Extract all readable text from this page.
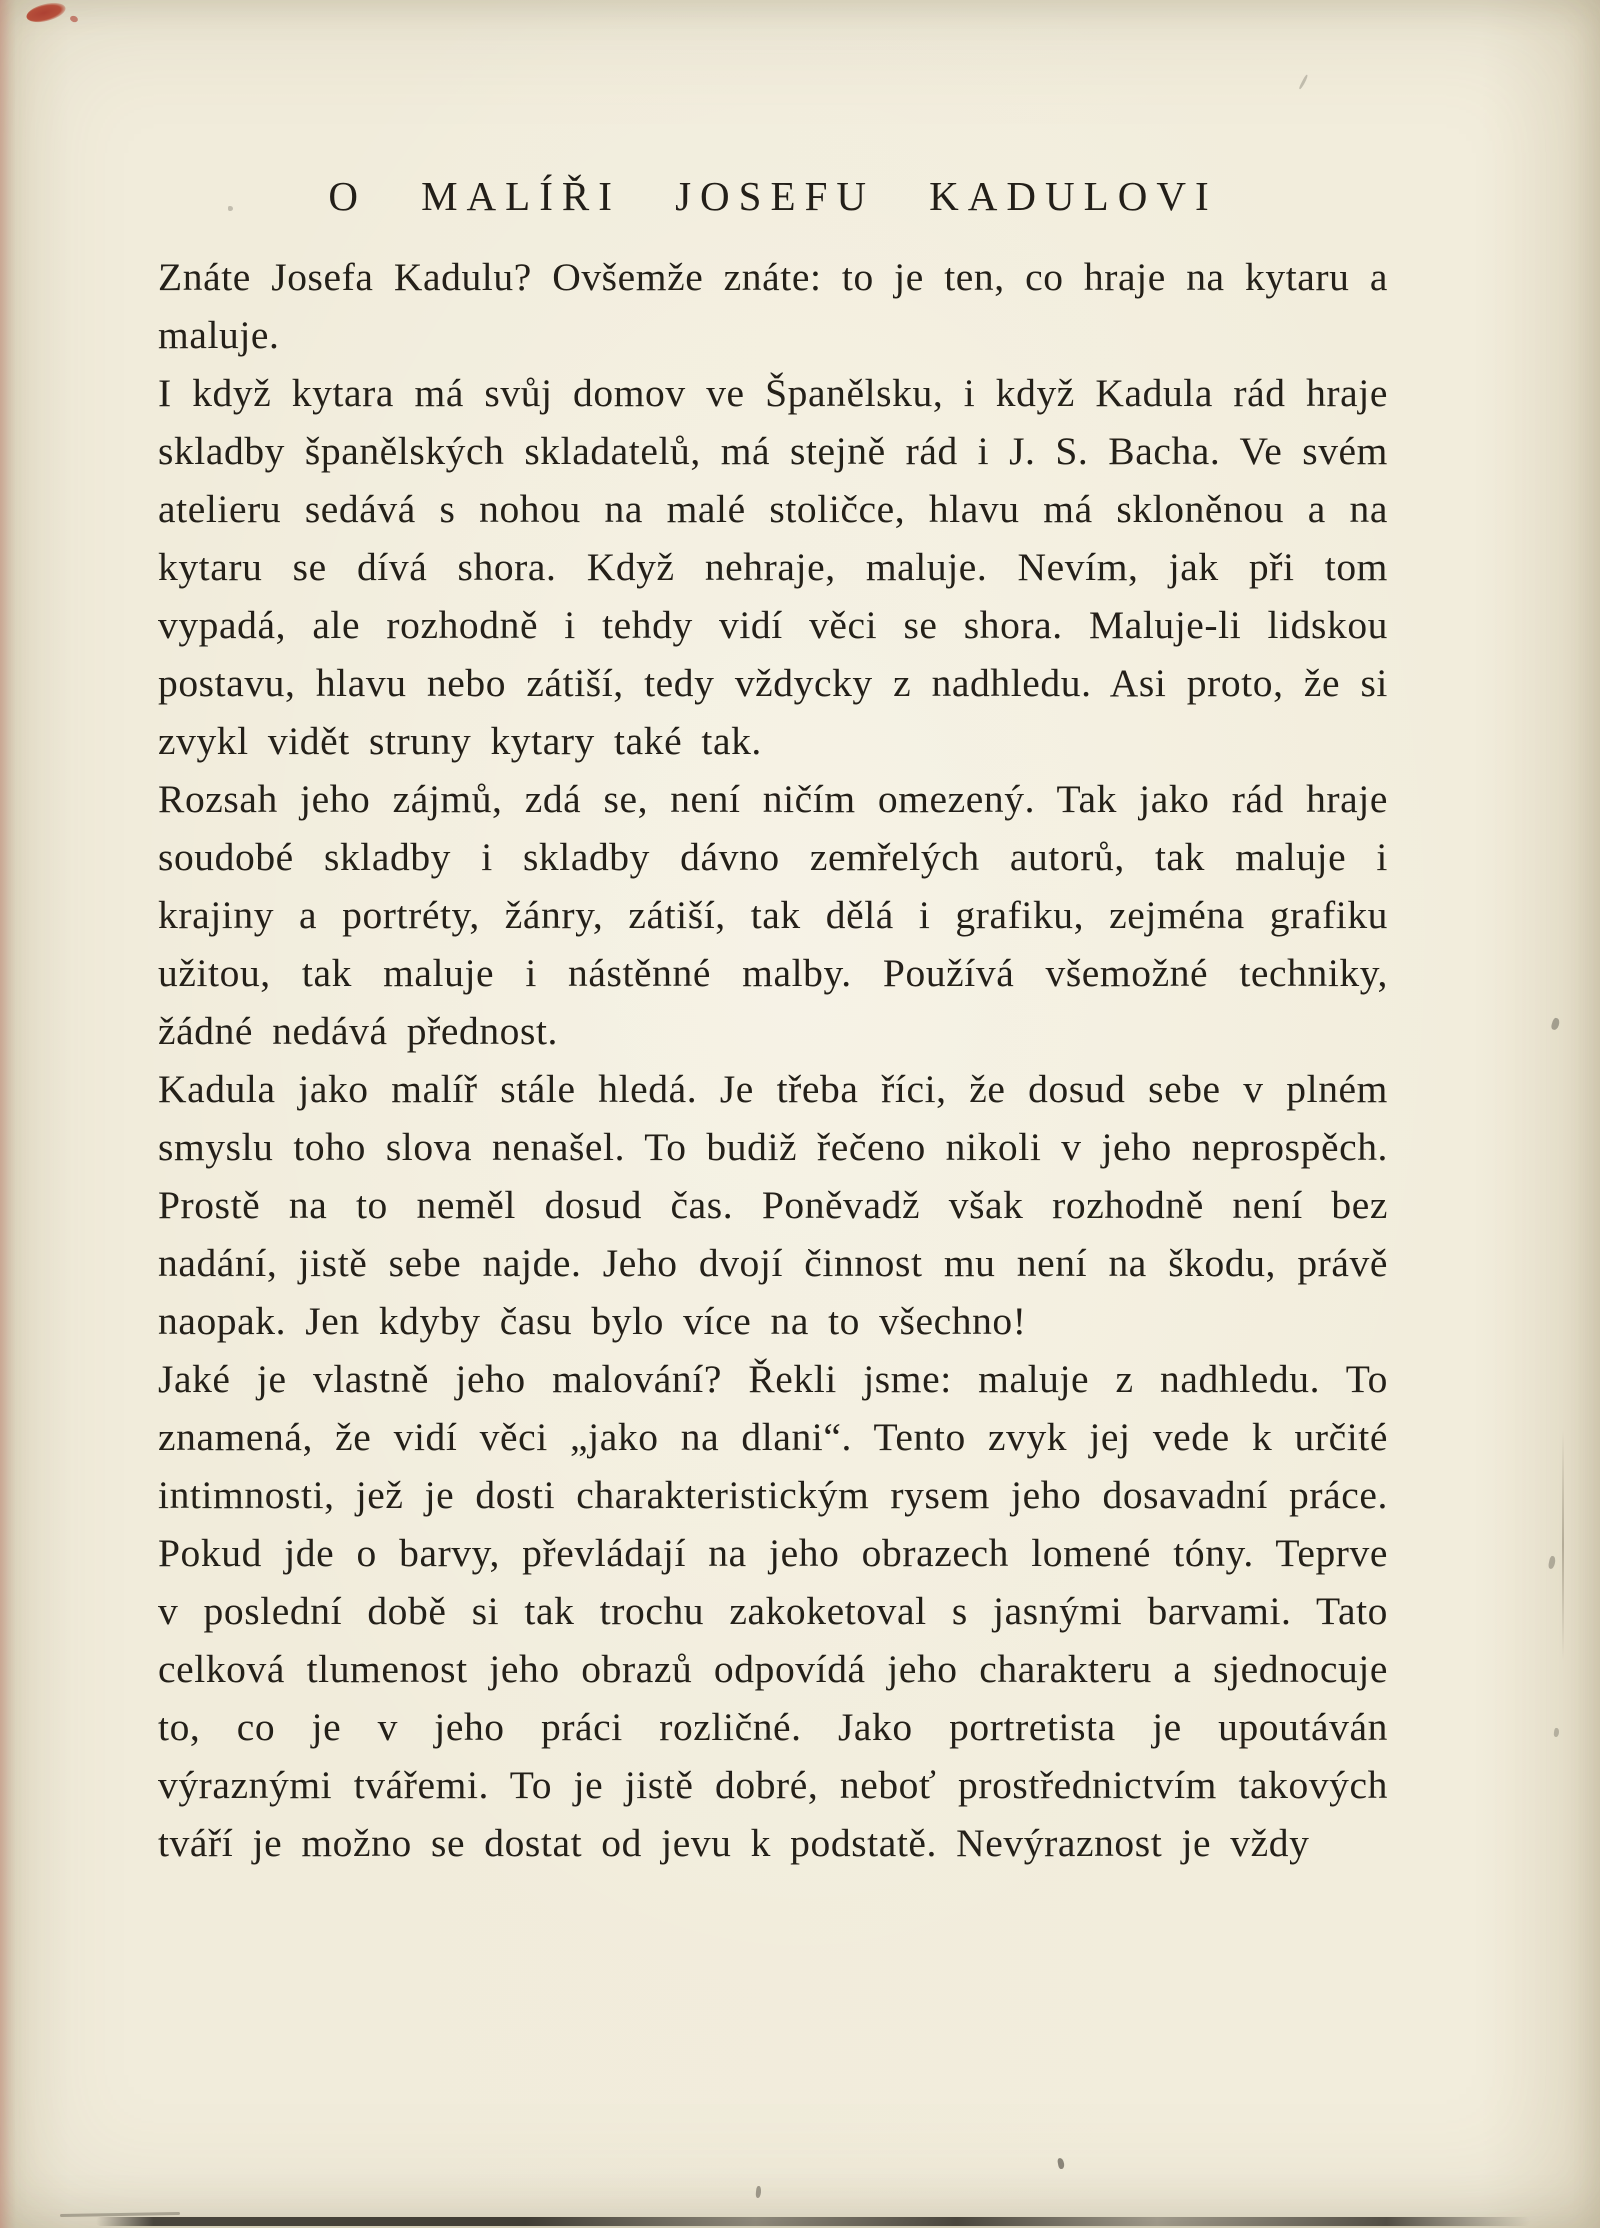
O MALÍŘI JOSEFU KADULOVI

Znáte Josefa Kadulu? Ovšemže znáte: to je ten, co hraje na kytaru a maluje.

I když kytara má svůj domov ve Španělsku, i když Kadula rád hraje skladby španělských skladatelů, má stejně rád i J. S. Bacha. Ve svém atelieru sedává s nohou na malé stoličce, hlavu má skloněnou a na kytaru se dívá shora. Když nehraje, maluje. Nevím, jak při tom vypadá, ale rozhodně i tehdy vidí věci se shora. Maluje-li lidskou postavu, hlavu nebo zátiší, tedy vždycky z nadhledu. Asi proto, že si zvykl vidět struny kytary také tak.

Rozsah jeho zájmů, zdá se, není ničím omezený. Tak jako rád hraje soudobé skladby i skladby dávno zemřelých autorů, tak maluje i krajiny a portréty, žánry, zátiší, tak dělá i grafiku, zejména grafiku užitou, tak maluje i nástěnné malby. Používá všemožné techniky, žádné nedává přednost.

Kadula jako malíř stále hledá. Je třeba říci, že dosud sebe v plném smyslu toho slova nenašel. To budiž řečeno nikoli v jeho neprospěch. Prostě na to neměl dosud čas. Poněvadž však rozhodně není bez nadání, jistě sebe najde. Jeho dvojí činnost mu není na škodu, právě naopak. Jen kdyby času bylo více na to všechno!

Jaké je vlastně jeho malování? Řekli jsme: maluje z nadhledu. To znamená, že vidí věci „jako na dlani“. Tento zvyk jej vede k určité intimnosti, jež je dosti charakteristickým rysem jeho dosavadní práce. Pokud jde o barvy, převládají na jeho obrazech lomené tóny. Teprve v poslední době si tak trochu zakoketoval s jasnými barvami. Tato celková tlumenost jeho obrazů odpovídá jeho charakteru a sjednocuje to, co je v jeho práci rozličné. Jako portretista je upoutáván výraznými tvářemi. To je jistě dobré, neboť prostřednictvím takových tváří je možno se dostat od jevu k podstatě. Nevýraznost je vždy
